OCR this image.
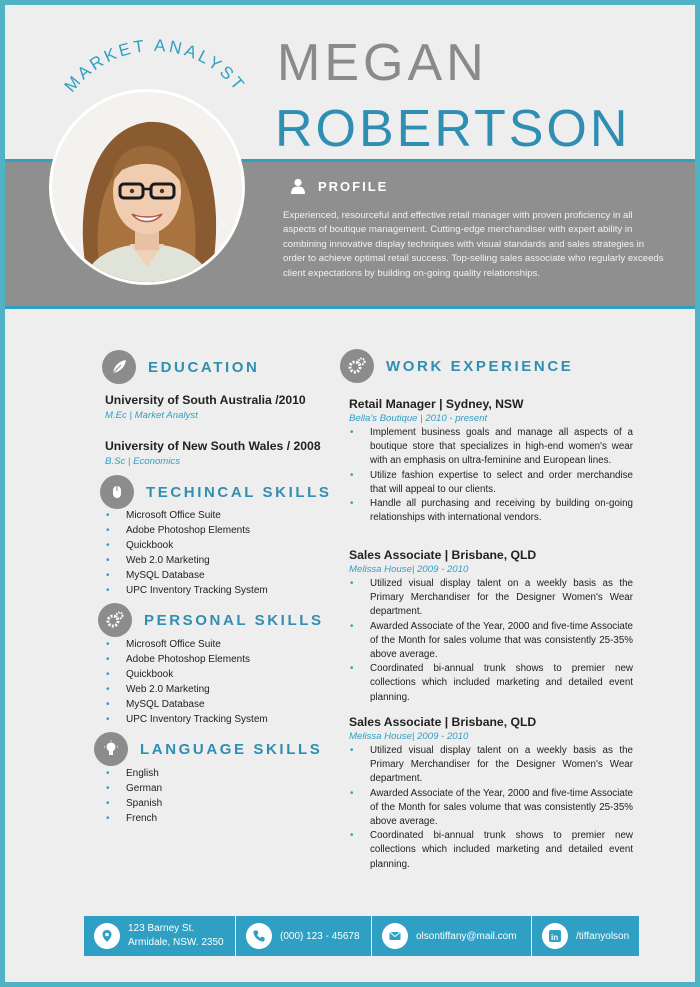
MARKET ANALYST MEGAN
ROBERTSON
PROFILE
Experienced, resourceful and effective retail manager with proven proficiency in all aspects of boutique management. Cutting-edge merchandiser with expert ability in combining innovative display techniques with visual standards and sales strategies in order to achieve optimal retail success. Top-selling sales associate who regularly exceeds client expectations by building on-going quality relationships.
EDUCATION
University of South Australia /2010
M.Ec | Market Analyst
University of New South Wales / 2008
B.Sc | Economics
TECHINCAL SKILLS
• Microsoft Office Suite
• Adobe Photoshop Elements
• Quickbook
• Web 2.0 Marketing
• MySQL Database
• UPC Inventory Tracking System
PERSONAL SKILLS
• Microsoft Office Suite
• Adobe Photoshop Elements
• Quickbook
• Web 2.0 Marketing
• MySQL Database
• UPC Inventory Tracking System
LANGUAGE SKILLS
• English
• German
• Spanish
• French
WORK EXPERIENCE
Retail Manager | Sydney, NSW
Bella's Boutique | 2010 - present
• Implement business goals and manage all aspects of a boutique store that specializes in high-end women's wear with an emphasis on ultra-feminine and European lines.
• Utilize fashion expertise to select and order merchandise that will appeal to our clients.
• Handle all purchasing and receiving by building on-going relationships with international vendors.
Sales Associate | Brisbane, QLD
Melissa House| 2009 - 2010
• Utilized visual display talent on a weekly basis as the Primary Merchandiser for the Designer Women's Wear department.
• Awarded Associate of the Year, 2000 and five-time Associate of the Month for sales volume that was consistently 25-35% above average.
• Coordinated bi-annual trunk shows to premier new collections which included marketing and detailed event planning.
Sales Associate | Brisbane, QLD
Melissa House| 2009 - 2010
• Utilized visual display talent on a weekly basis as the Primary Merchandiser for the Designer Women's Wear department.
• Awarded Associate of the Year, 2000 and five-time Associate of the Month for sales volume that was consistently 25-35% above average.
• Coordinated bi-annual trunk shows to premier new collections which included marketing and detailed event planning.
123 Barney St.
Armidale, NSW. 2350
(000) 123 - 45678	olsontiffany@mail.com	in /tiffanyolson
